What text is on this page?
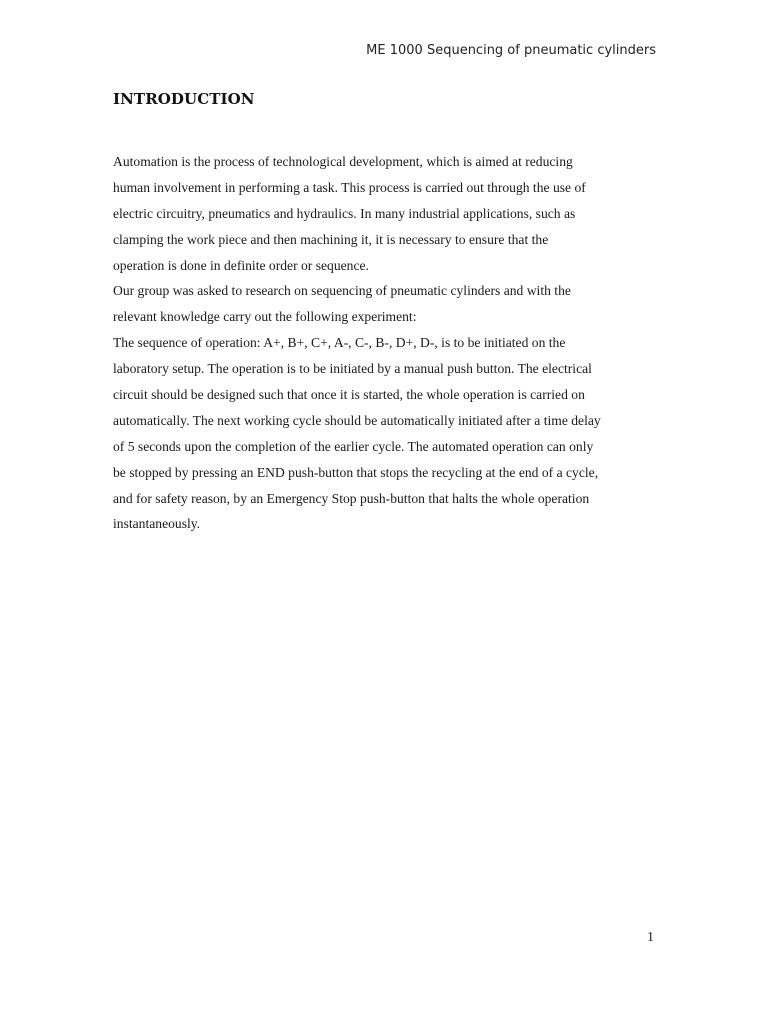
ME 1000 Sequencing of pneumatic cylinders
INTRODUCTION
Automation is the process of technological development, which is aimed at reducing
human involvement in performing a task. This process is carried out through the use of
electric circuitry, pneumatics and hydraulics. In many industrial applications, such as
clamping the work piece and then machining it, it is necessary to ensure that the
operation is done in definite order or sequence.
Our group was asked to research on sequencing of pneumatic cylinders and with the
relevant knowledge carry out the following experiment:
The sequence of operation: A+, B+, C+, A-, C-, B-, D+, D-, is to be initiated on the
laboratory setup. The operation is to be initiated by a manual push button. The electrical
circuit should be designed such that once it is started, the whole operation is carried on
automatically. The next working cycle should be automatically initiated after a time delay
of 5 seconds upon the completion of the earlier cycle. The automated operation can only
be stopped by pressing an END push-button that stops the recycling at the end of a cycle,
and for safety reason, by an Emergency Stop push-button that halts the whole operation
instantaneously.
1
